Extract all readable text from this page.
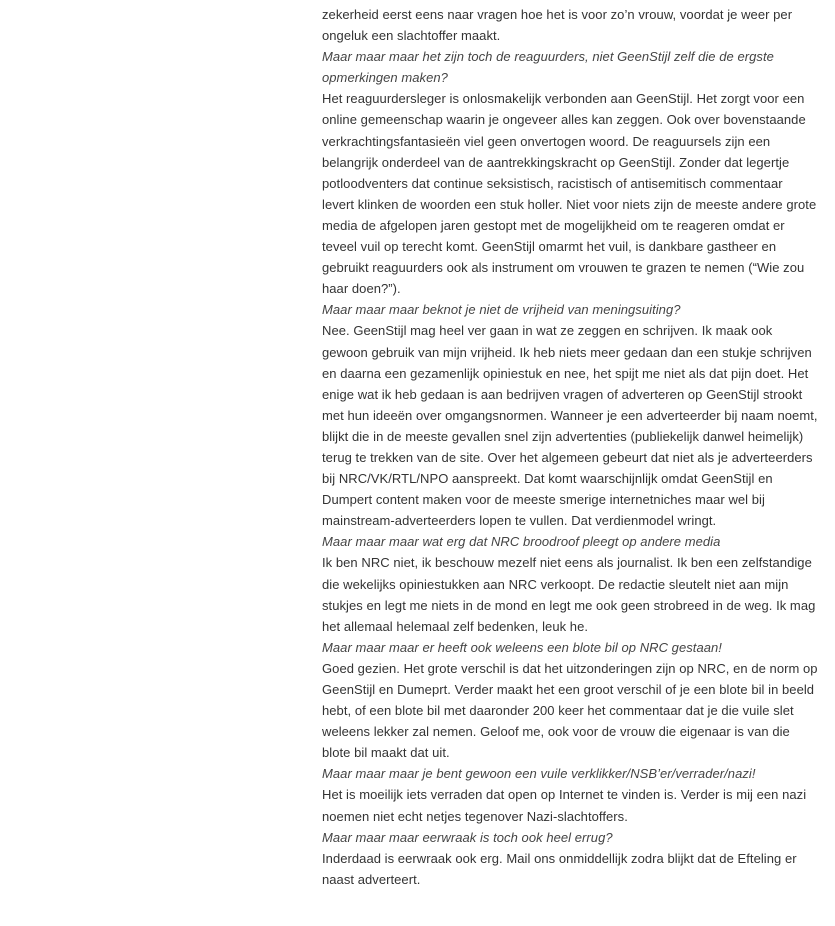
zekerheid eerst eens naar vragen hoe het is voor zo’n vrouw, voordat je weer per ongeluk een slachtoffer maakt.

Maar maar maar het zijn toch de reaguurders, niet GeenStijl zelf die de ergste opmerkingen maken?

Het reaguurdersleger is onlosmakelijk verbonden aan GeenStijl. Het zorgt voor een online gemeenschap waarin je ongeveer alles kan zeggen. Ook over bovenstaande verkrachtingsfantasieën viel geen onvertogen woord. De reaguursels zijn een belangrijk onderdeel van de aantrekkingskracht op GeenStijl. Zonder dat legertje potloodventers dat continue seksistisch, racistisch of antisemitisch commentaar levert klinken de woorden een stuk holler. Niet voor niets zijn de meeste andere grote media de afgelopen jaren gestopt met de mogelijkheid om te reageren omdat er teveel vuil op terecht komt. GeenStijl omarmt het vuil, is dankbare gastheer en gebruikt reaguurders ook als instrument om vrouwen te grazen te nemen (“Wie zou haar doen?”).

Maar maar maar beknot je niet de vrijheid van meningsuiting?

Nee. GeenStijl mag heel ver gaan in wat ze zeggen en schrijven. Ik maak ook gewoon gebruik van mijn vrijheid. Ik heb niets meer gedaan dan een stukje schrijven en daarna een gezamenlijk opiniestuk en nee, het spijt me niet als dat pijn doet. Het enige wat ik heb gedaan is aan bedrijven vragen of adverteren op GeenStijl strookt met hun ideeën over omgangsnormen. Wanneer je een adverteerder bij naam noemt, blijkt die in de meeste gevallen snel zijn advertenties (publiekelijk danwel heimelijk) terug te trekken van de site. Over het algemeen gebeurt dat niet als je adverteerders bij NRC/VK/RTL/NPO aanspreekt. Dat komt waarschijnlijk omdat GeenStijl en Dumpert content maken voor de meeste smerige internetniches maar wel bij mainstream-adverteerders lopen te vullen. Dat verdienmodel wringt.

Maar maar maar wat erg dat NRC broodroof pleegt op andere media

Ik ben NRC niet, ik beschouw mezelf niet eens als journalist. Ik ben een zelfstandige die wekelijks opiniestukken aan NRC verkoopt. De redactie sleutelt niet aan mijn stukjes en legt me niets in de mond en legt me ook geen strobreed in de weg. Ik mag het allemaal helemaal zelf bedenken, leuk he.

Maar maar maar er heeft ook weleens een blote bil op NRC gestaan!

Goed gezien. Het grote verschil is dat het uitzonderingen zijn op NRC, en de norm op GeenStijl en Dumeprt. Verder maakt het een groot verschil of je een blote bil in beeld hebt, of een blote bil met daaronder 200 keer het commentaar dat je die vuile slet weleens lekker zal nemen. Geloof me, ook voor de vrouw die eigenaar is van die blote bil maakt dat uit.

Maar maar maar je bent gewoon een vuile verklikker/NSB’er/verrader/nazi!

Het is moeilijk iets verraden dat open op Internet te vinden is. Verder is mij een nazi noemen niet echt netjes tegenover Nazi-slachtoffers.

Maar maar maar eerwraak is toch ook heel errug?

Inderdaad is eerwraak ook erg. Mail ons onmiddellijk zodra blijkt dat de Efteling er naast adverteert.
